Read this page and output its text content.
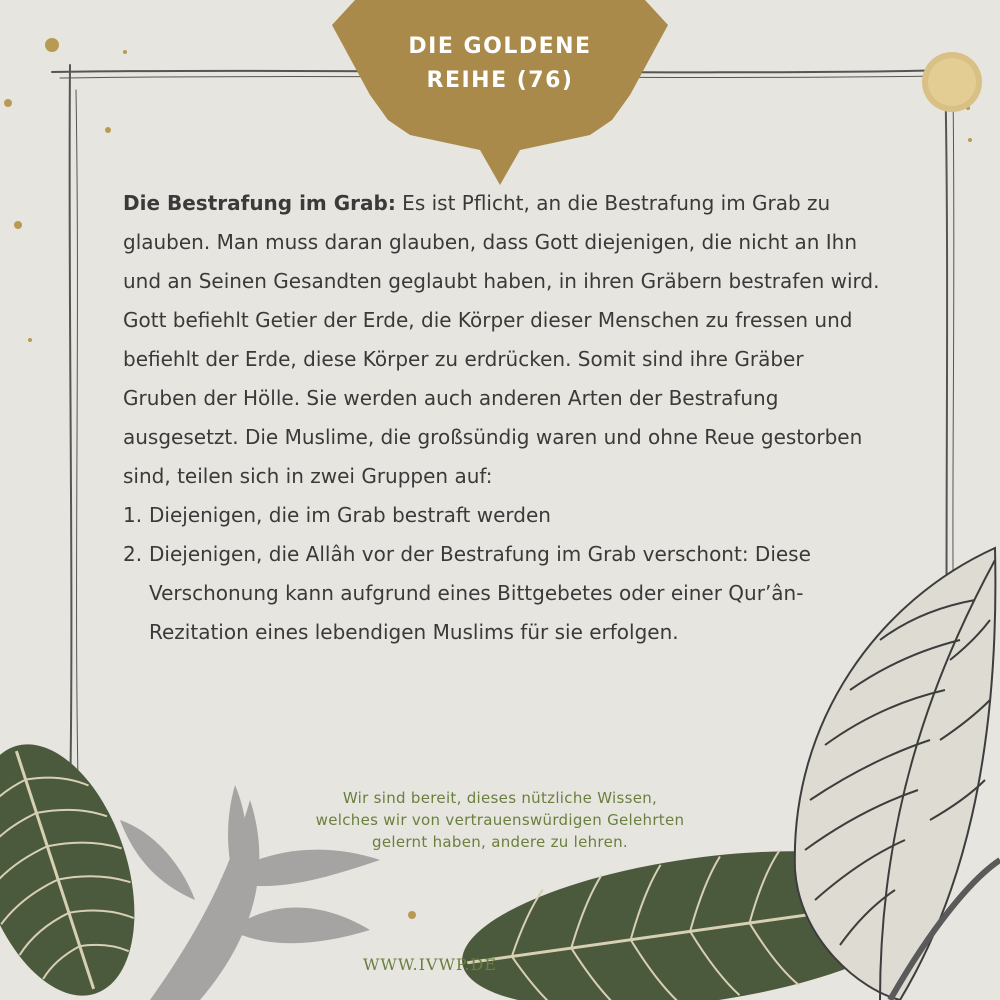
DIE GOLDENE
REIHE (76)

Die Bestrafung im Grab: Es ist Pflicht, an die Bestrafung im Grab zu glauben. Man muss daran glauben, dass Gott diejenigen, die nicht an Ihn und an Seinen Gesandten geglaubt haben, in ihren Gräbern bestrafen wird. Gott befiehlt Getier der Erde, die Körper dieser Menschen zu fressen und befiehlt der Erde, diese Körper zu erdrücken. Somit sind ihre Gräber Gruben der Hölle. Sie werden auch anderen Arten der Bestrafung ausgesetzt. Die Muslime, die großsündig waren und ohne Reue gestorben sind, teilen sich in zwei Gruppen auf:

1. Diejenigen, die im Grab bestraft werden
2. Diejenigen, die Allâh vor der Bestrafung im Grab verschont: Diese Verschonung kann aufgrund eines Bittgebetes oder einer Qur’ân-Rezitation eines lebendigen Muslims für sie erfolgen.
Wir sind bereit, dieses nützliche Wissen,
welches wir von vertrauenswürdigen Gelehrten
gelernt haben, andere zu lehren.
WWW.IVWP.DE
